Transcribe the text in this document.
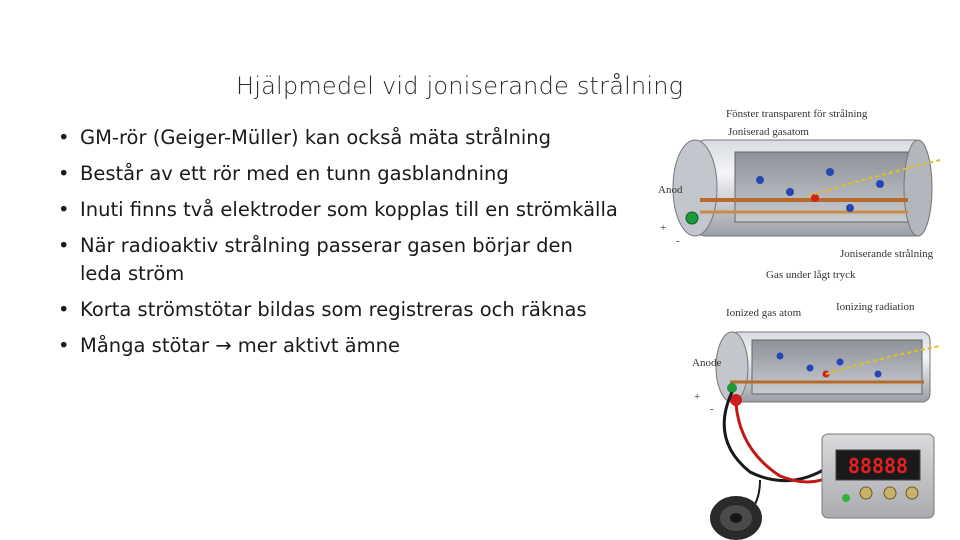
Hjälpmedel vid joniserande strålning
• GM-rör (Geiger-Müller) kan också mäta strålning
• Består av ett rör med en tunn gasblandning
• Inuti finns två elektroder som kopplas till en strömkälla
• När radioaktiv strålning passerar gasen börjar den leda ström
• Korta strömstötar bildas som registreras och räknas
• Många stötar → mer aktivt ämne
Fönster transparent för strålning
Joniserad gasatom
Anod
+
-
Joniserande strålning
Gas under lågt tryck
Ionized gas atom	Ionizing radiation
Anode
+
-
88888
